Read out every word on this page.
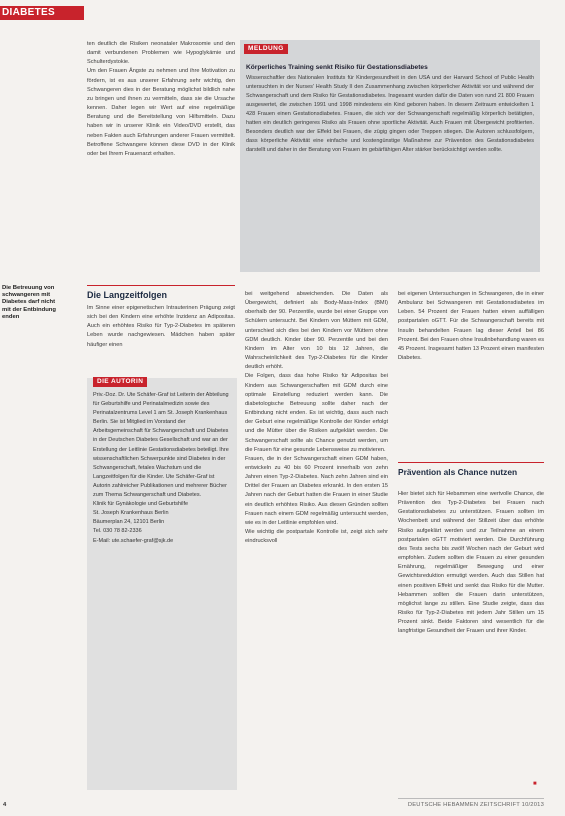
DIABETES
Die Betreuung von
schwangeren mit
Diabetes darf nicht
mit der Entbindung
enden
ten deutlich die Risiken neonataler Makrosomie und den damit verbundenen Problemen wie Hypoglykämie und Schulterdystokie.
Um den Frauen Ängste zu nehmen und ihre Motivation zu fördern, ist es aus unserer Erfahrung sehr wichtig, den Schwangeren dies in der Beratung möglichst bildlich nahe zu bringen und ihnen zu vermitteln, dass sie die Ursache kennen. Daher legen wir Wert auf eine regelmäßige Beratung und die Bereitstellung von Hilfsmitteln. Dazu haben wir in unserer Klinik ein Video/DVD erstellt, das neben Fakten auch Erfahrungen anderer Frauen vermittelt. Betroffene Schwangere können diese DVD in der Klinik oder bei Ihrem Frauenarzt erhalten.
Die Langzeitfolgen
Im Sinne einer epigenetischen Intrauterinen Prägung zeigt sich bei den Kindern eine erhöhte Inzidenz an Adipositas. Auch ein erhöhtes Risiko für Typ-2-Diabetes im späteren Leben wurde nachgewiesen. Mädchen haben später häufiger einen
DIE AUTORIN
Priv.-Doz. Dr. Ute Schäfer-Graf ist Leiterin der Abteilung für Geburtshilfe und Perinatalmedizin sowie des Perinatalzentrums Level 1 am St. Joseph Krankenhaus Berlin. Sie ist Mitglied im Vorstand der Arbeitsgemeinschaft für Schwangerschaft und Diabetes in der Deutschen Diabetes Gesellschaft und war an der Erstellung der Leitlinie Gestationsdiabetes beteiligt. Ihre wissenschaftlichen Schwerpunkte sind Diabetes in der Schwangerschaft, fetales Wachstum und die Langzeitfolgen für die Kinder. Ute Schäfer-Graf ist Autorin zahlreicher Publikationen und mehrerer Bücher zum Thema Schwangerschaft und Diabetes.
Klinik für Gynäkologie und Geburtshilfe
St. Joseph Krankenhaus Berlin
Bäumerplan 24, 12101 Berlin
Tel. 030 78 82-2336
E-Mail: ute.schaefer-graf@sjk.de
MELDUNG
Körperliches Training senkt Risiko für Gestationsdiabetes
Wissenschaftler des Nationalen Instituts für Kindergesundheit in den USA und der Harvard School of Public Health untersuchten in der Nurses' Health Study II den Zusammenhang zwischen körperlicher Aktivität vor und während der Schwangerschaft und dem Risiko für Gestationsdiabetes. Insgesamt wurden dafür die Daten von rund 21 800 Frauen ausgewertet, die zwischen 1991 und 1998 mindestens ein Kind geboren haben. In diesem Zeitraum entwickelten 1 428 Frauen einen Gestationsdiabetes. Frauen, die sich vor der Schwangerschaft regelmäßig körperlich betätigten, hatten ein deutlich geringeres Risiko als Frauen ohne sportliche Aktivität. Auch Frauen mit Übergewicht profitierten. Besonders deutlich war der Effekt bei Frauen, die zügig gingen oder Treppen stiegen. Die Autoren schlussfolgern, dass körperliche Aktivität eine einfache und kostengünstige Maßnahme zur Prävention des Gestationsdiabetes darstellt und daher in der Beratung von Frauen im gebärfähigen Alter stärker berücksichtigt werden sollte.
bei weitgehend abweichenden. Die Daten als Übergewicht, definiert als Body-Mass-Index (BMI) oberhalb der 90. Perzentile, wurde bei einer Gruppe von Schülern untersucht. Bei Kindern von Müttern mit GDM, unterschied sich dies bei den Kindern vor Müttern ohne GDM deutlich. Kinder über 90. Perzentile und bei den Kindern im Alter von 10 bis 12 Jahren, die Wahrscheinlichkeit des Typ-2-Diabetes für die Kinder deutlich erhöht.
Die Folgen, dass das hohe Risiko für Adipositas bei Kindern aus Schwangerschaften mit GDM durch eine optimale Einstellung reduziert werden kann. Die diabetologische Betreuung sollte daher nach der Entbindung nicht enden. Es ist wichtig, dass auch nach der Geburt eine regelmäßige Kontrolle der Kinder erfolgt und die Mütter über die Risiken aufgeklärt werden. Die Schwangerschaft sollte als Chance genutzt werden, um die Frauen für eine gesunde Lebensweise zu motivieren.
Frauen, die in der Schwangerschaft einen GDM haben, entwickeln zu 40 bis 60 Prozent innerhalb von zehn Jahren einen Typ-2-Diabetes. Nach zehn Jahren sind ein Drittel der Frauen an Diabetes erkrankt. In den ersten 15 Jahren nach der Geburt hatten die Frauen in einer Studie ein deutlich erhöhtes Risiko. Aus diesen Gründen sollten Frauen nach einem GDM regelmäßig untersucht werden, wie es in der Leitlinie empfohlen wird.
Wie wichtig die postpartale Kontrolle ist, zeigt sich sehr eindrucksvoll
bei eigenen Untersuchungen in Schwangeren, die in einer Ambulanz bei Schwangeren mit Gestationsdiabetes im Leben. 54 Prozent der Frauen hatten einen auffälligen postpartalen oGTT. Für die Schwangerschaft bereits mit Insulin behandelten Frauen lag dieser Anteil bei 86 Prozent. Bei den Frauen ohne Insulinbehandlung waren es 45 Prozent. Insgesamt hatten 13 Prozent einen manifesten Diabetes.
Prävention als Chance nutzen
Hier bietet sich für Hebammen eine wertvolle Chance, die Prävention des Typ-2-Diabetes bei Frauen nach Gestationsdiabetes zu unterstützen. Frauen sollten im Wochenbett und während der Stillzeit über das erhöhte Risiko aufgeklärt werden und zur Teilnahme an einem postpartalen oGTT motiviert werden. Die Durchführung des Tests sechs bis zwölf Wochen nach der Geburt wird empfohlen. Zudem sollten die Frauen zu einer gesunden Ernährung, regelmäßiger Bewegung und einer Gewichtsreduktion ermutigt werden. Auch das Stillen hat einen positiven Effekt und senkt das Risiko für die Mutter. Hebammen sollten die Frauen darin unterstützen, möglichst lange zu stillen. Eine Studie zeigte, dass das Risiko für Typ-2-Diabetes mit jedem Jahr Stillen um 15 Prozent sinkt. Beide Faktoren sind wesentlich für die langfristige Gesundheit der Frauen und ihrer Kinder.
■
4	DEUTSCHE HEBAMMEN ZEITSCHRIFT 10/2013
